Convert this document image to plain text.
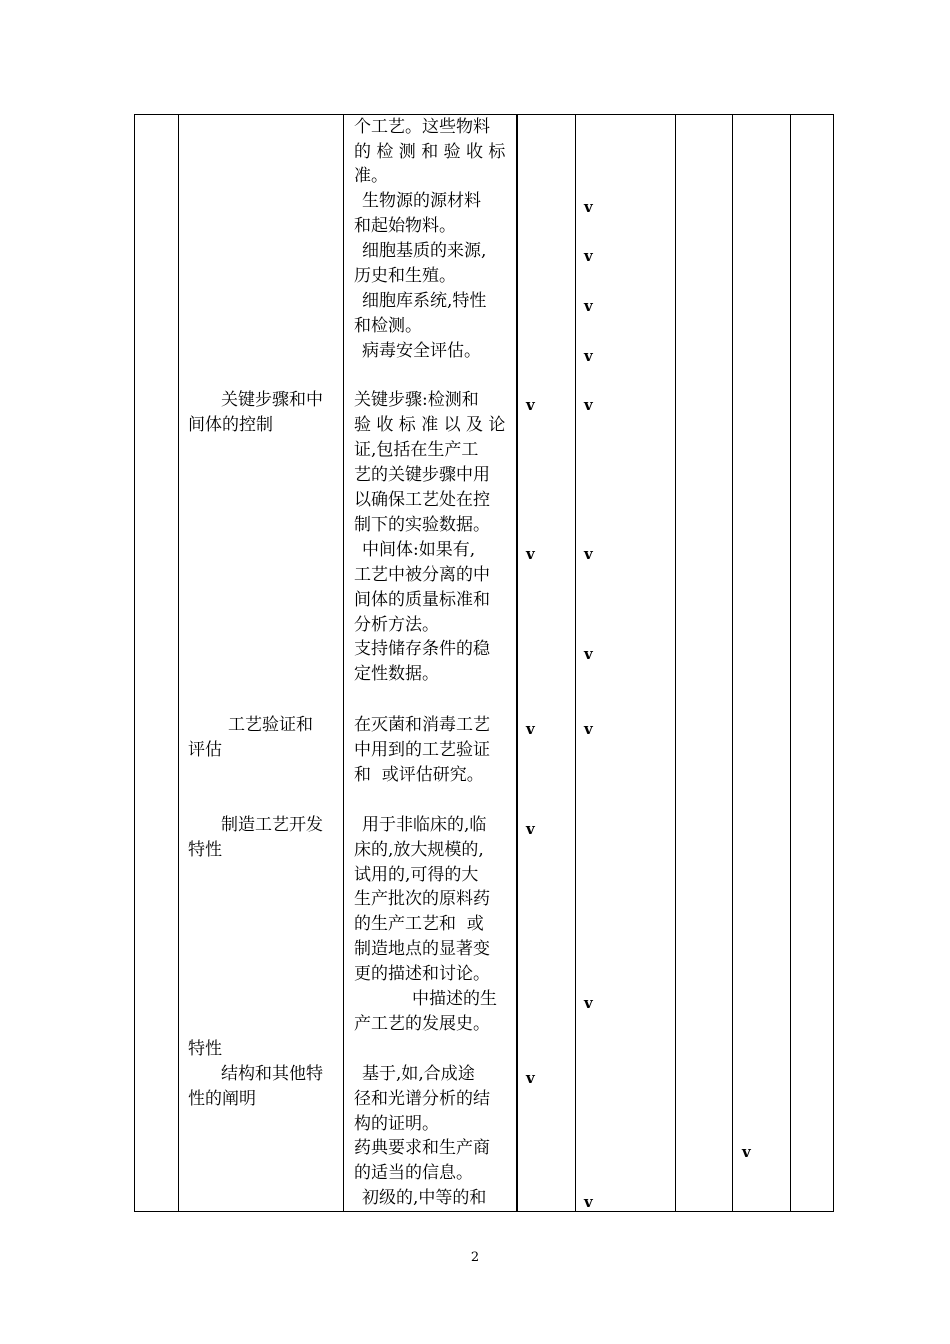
关键步骤和中
间体的控制
工艺验证和
评估
制造工艺开发
特性
特性
结构和其他特
性的阐明
个工艺。这些物料
的 检 测 和 验 收 标
准。
生物源的源材料
和起始物料。
细胞基质的来源,
历史和生殖。
细胞库系统,特性
和检测。
病毒安全评估。
关键步骤:检测和
验 收 标 准 以 及 论
证,包括在生产工
艺的关键步骤中用
以确保工艺处在控
制下的实验数据。
中间体:如果有,
工艺中被分离的中
间体的质量标准和
分析方法。
支持储存条件的稳
定性数据。
在灭菌和消毒工艺
中用到的工艺验证
和  或评估研究。
用于非临床的,临
床的,放大规模的,
试用的,可得的大
生产批次的原料药
的生产工艺和  或
制造地点的显著变
更的描述和讨论。
中描述的生
产工艺的发展史。
基于,如,合成途
径和光谱分析的结
构的证明。
药典要求和生产商
的适当的信息。
初级的,中等的和
v
v
v
v
v
v
v
v
v
v
v
v
v
v
v
v
2
